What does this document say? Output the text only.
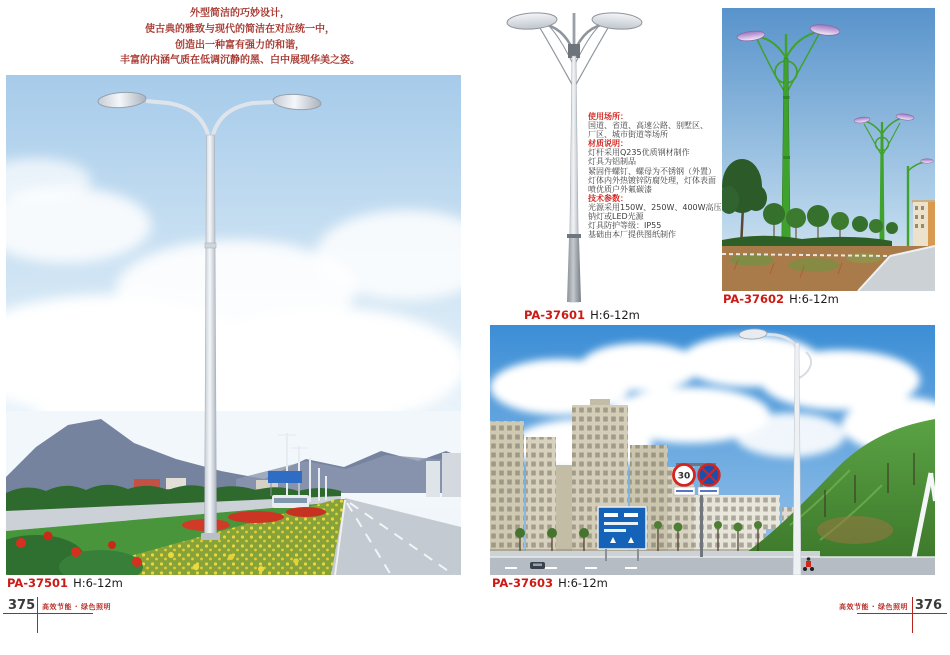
外型简洁的巧妙设计，
使古典的雅致与现代的简洁在对应统一中，
创造出一种富有强力的和谐，
丰富的内涵气质在低调沉静的黑、白中展现华美之姿。
使用场所：
国道、省道、高速公路、别墅区、
厂区、城市街道等场所
材质说明：
灯杆采用Q235优质钢材制作
灯具为铝制品
紧固件螺钉、螺母为不锈钢（外置）
灯体内外热镀锌防腐处理，灯体表面
喷优质户外氟碳漆
技术参数：
光源采用150W、250W、400W高压
钠灯或LED光源
灯具防护等级：IP55
基础由本厂提供图纸制作
30
PA-37501 H:6-12m
PA-37601 H:6-12m
PA-37602 H:6-12m
PA-37603 H:6-12m
375 高效节能 · 绿色照明	376
高效节能 · 绿色照明
